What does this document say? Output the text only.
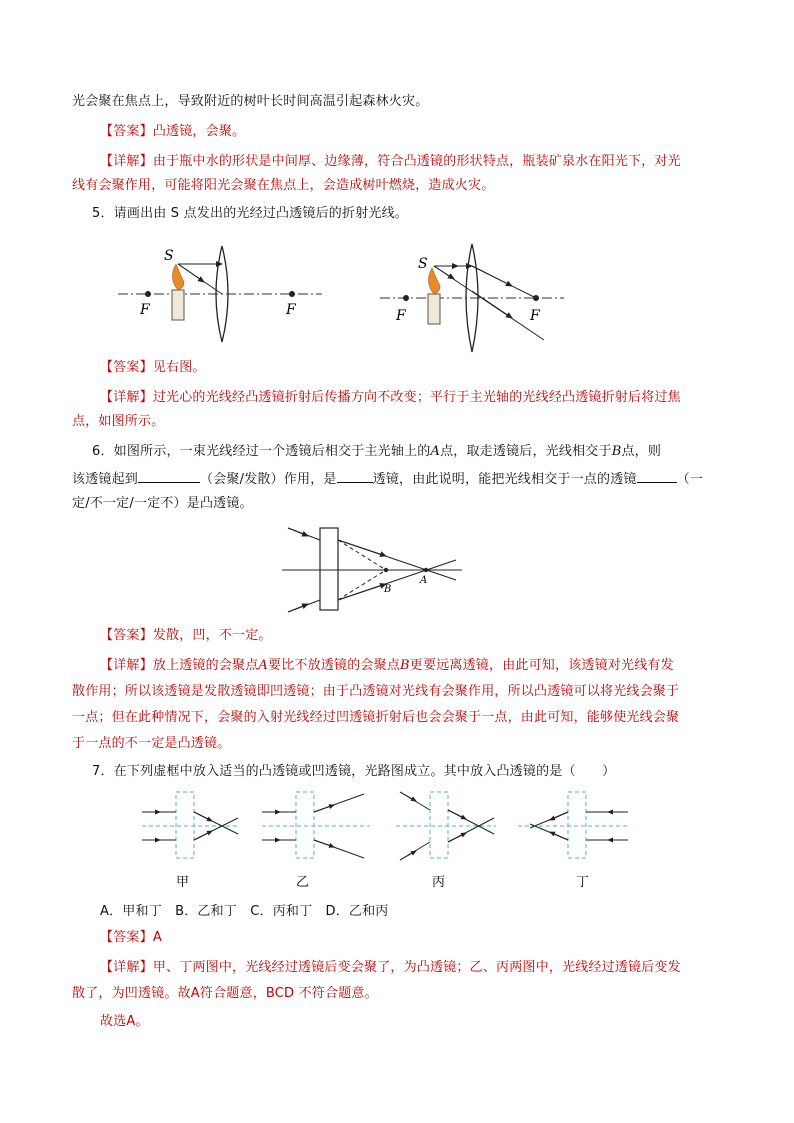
光会聚在焦点上，导致附近的树叶长时间高温引起森林火灾。
【答案】凸透镜，会聚。
【详解】由于瓶中水的形状是中间厚、边缘薄，符合凸透镜的形状特点，瓶装矿泉水在阳光下，对光
线有会聚作用，可能将阳光会聚在焦点上，会造成树叶燃烧，造成火灾。
5．请画出由 S 点发出的光经过凸透镜后的折射光线。
S
F	F
S
F	F
【答案】见右图。
【详解】过光心的光线经凸透镜折射后传播方向不改变；平行于主光轴的光线经凸透镜折射后将过焦
点，如图所示。
6．如图所示，一束光线经过一个透镜后相交于主光轴上的A点，取走透镜后，光线相交于B点，则
该透镜起到	（会聚/发散）作用，是	透镜，由此说明，能把光线相交于一点的透镜	（一
定/不一定/一定不）是凸透镜。
A
B
【答案】发散，凹，不一定。
【详解】放上透镜的会聚点A要比不放透镜的会聚点B更要远离透镜，由此可知，该透镜对光线有发
散作用；所以该透镜是发散透镜即凹透镜；由于凸透镜对光线有会聚作用，所以凸透镜可以将光线会聚于
一点；但在此种情况下，会聚的入射光线经过凹透镜折射后也会会聚于一点，由此可知，能够使光线会聚
于一点的不一定是凸透镜。
7．在下列虚框中放入适当的凸透镜或凹透镜，光路图成立。其中放入凸透镜的是（　　）
甲	乙	丙	丁
A．甲和丁　B．乙和丁　C．丙和丁　D．乙和丙
【答案】A
【详解】甲、丁两图中，光线经过透镜后变会聚了，为凸透镜；乙、丙两图中，光线经过透镜后变发
散了，为凹透镜。故A符合题意，BCD 不符合题意。
故选A。
